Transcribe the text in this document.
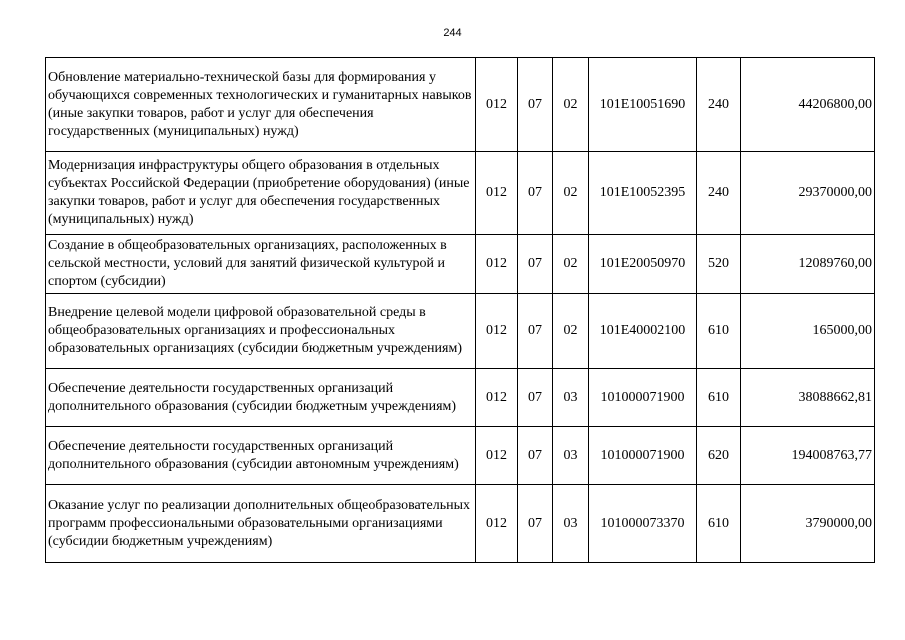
244
Обновление материально-технической базы для формирования у обучающихся современных технологических и гуманитарных навыков (иные закупки товаров, работ и услуг для обеспечения государственных (муниципальных) нужд)	012	07	02	101E10051690	240	44206800,00
Модернизация инфраструктуры общего образования в отдельных субъектах Российской Федерации (приобретение оборудования) (иные закупки товаров, работ и услуг для обеспечения государственных (муниципальных) нужд)	012	07	02	101E10052395	240	29370000,00
Создание в общеобразовательных организациях, расположенных в сельской местности, условий для занятий физической культурой и спортом (субсидии)	012	07	02	101E20050970	520	12089760,00
Внедрение целевой модели цифровой образовательной среды в общеобразовательных организациях и профессиональных образовательных организациях (субсидии бюджетным учреждениям)	012	07	02	101E40002100	610	165000,00
Обеспечение деятельности государственных организаций дополнительного образования (субсидии бюджетным учреждениям)	012	07	03	101000071900	610	38088662,81
Обеспечение деятельности государственных организаций дополнительного образования (субсидии автономным учреждениям)	012	07	03	101000071900	620	194008763,77
Оказание услуг по реализации дополнительных общеобразовательных программ профессиональными образовательными организациями (субсидии бюджетным учреждениям)	012	07	03	101000073370	610	3790000,00
